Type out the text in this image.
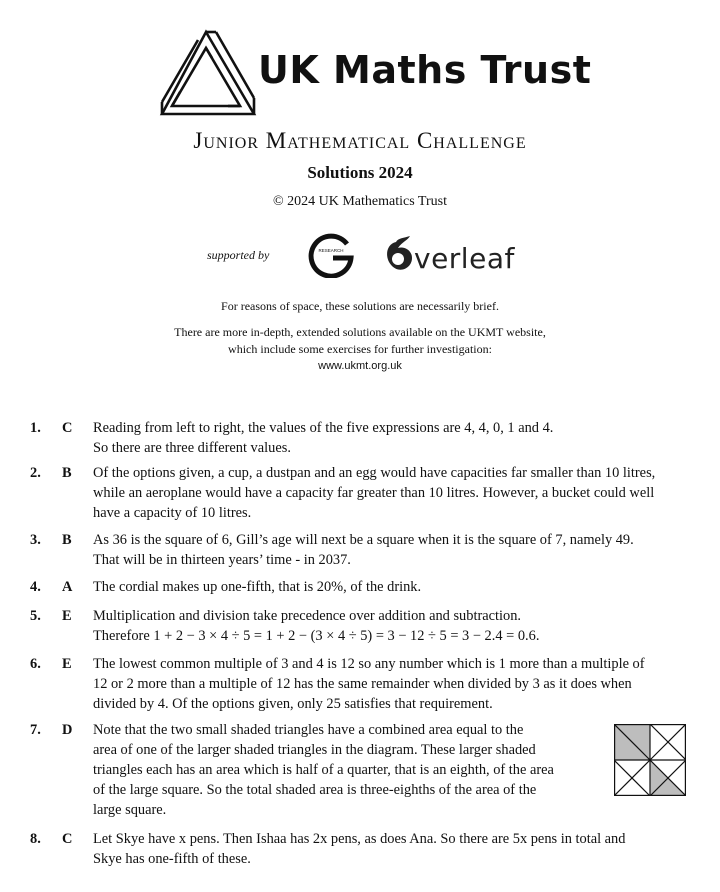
UK Maths Trust
Junior Mathematical Challenge
Solutions 2024
© 2024 UK Mathematics Trust
supported by	RESEARCH	verleaf
For reasons of space, these solutions are necessarily brief.
There are more in-depth, extended solutions available on the UKMT website,
which include some exercises for further investigation:
www.ukmt.org.uk
1. C Reading from left to right, the values of the five expressions are 4, 4, 0, 1 and 4.
So there are three different values.
2. B Of the options given, a cup, a dustpan and an egg would have capacities far smaller than 10 litres,
while an aeroplane would have a capacity far greater than 10 litres. However, a bucket could well
have a capacity of 10 litres.
3. B As 36 is the square of 6, Gill’s age will next be a square when it is the square of 7, namely 49.
That will be in thirteen years’ time - in 2037.
4. A The cordial makes up one-fifth, that is 20%, of the drink.
5. E Multiplication and division take precedence over addition and subtraction.
Therefore 1 + 2 − 3 × 4 ÷ 5 = 1 + 2 − (3 × 4 ÷ 5) = 3 − 12 ÷ 5 = 3 − 2.4 = 0.6.
6. E The lowest common multiple of 3 and 4 is 12 so any number which is 1 more than a multiple of
12 or 2 more than a multiple of 12 has the same remainder when divided by 3 as it does when
divided by 4. Of the options given, only 25 satisfies that requirement.
7. D Note that the two small shaded triangles have a combined area equal to the
area of one of the larger shaded triangles in the diagram. These larger shaded
triangles each has an area which is half of a quarter, that is an eighth, of the area
of the large square. So the total shaded area is three-eighths of the area of the
large square.
8. C Let Skye have x pens. Then Ishaa has 2x pens, as does Ana. So there are 5x pens in total and
Skye has one-fifth of these.
